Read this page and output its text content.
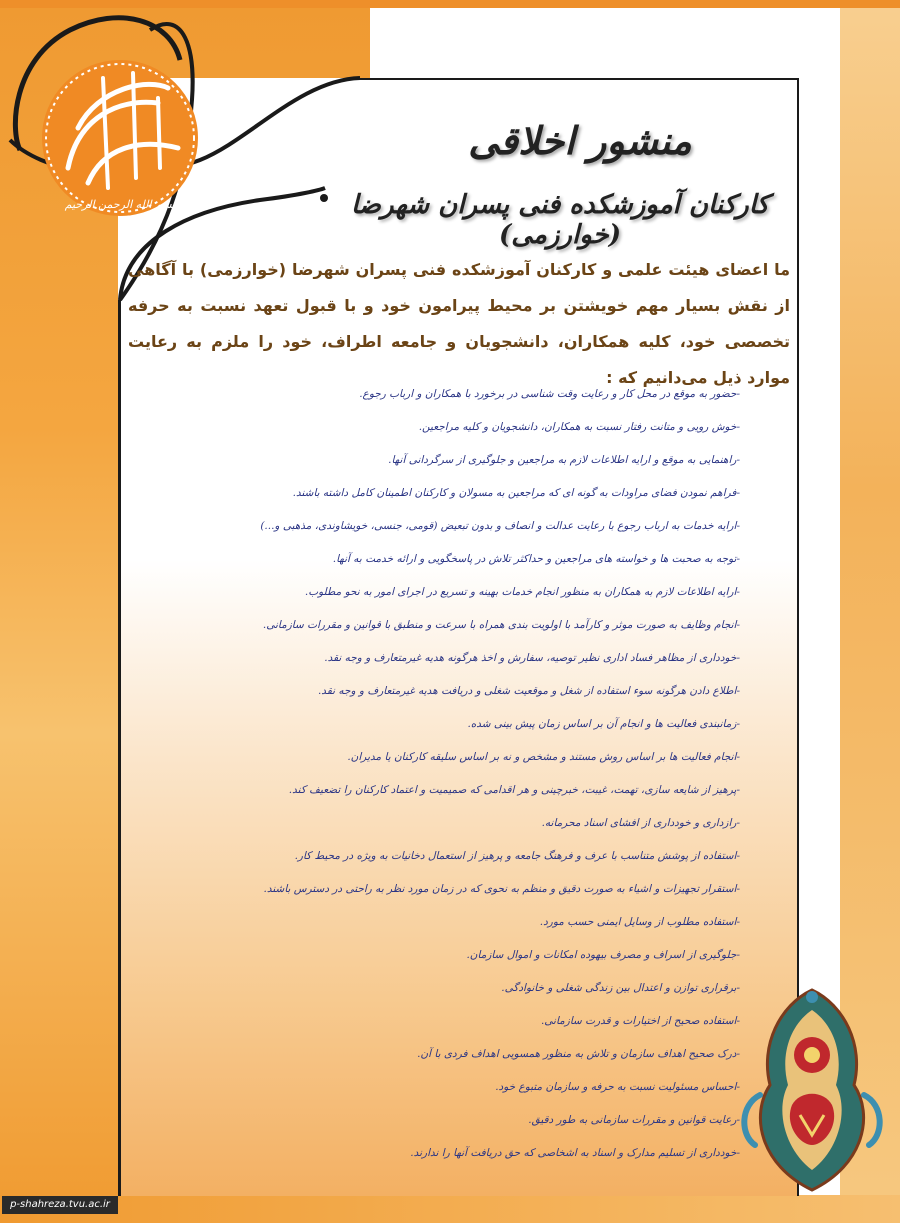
بسم الله الرحمن الرحیم
منشور اخلاقی
کارکنان آموزشکده فنی پسران شهرضا (خوارزمی)
ما اعضای هیئت علمی و کارکنان آموزشکده فنی پسران شهرضا (خوارزمی) با آگاهی از نقش بسیار مهم خویشتن بر محیط پیرامون خود و با قبول تعهد نسبت به حرفه تخصصی خود، کلیه همکاران، دانشجویان و جامعه اطراف، خود را ملزم به رعایت موارد ذیل می‌دانیم که :
-حضور به موقع در محل کار و رعایت وقت شناسی در برخورد با همکاران و ارباب رجوع.
-خوش رویی و متانت رفتار نسبت به همکاران، دانشجویان و کلیه مراجعین.
-راهنمایی به موقع و ارایه اطلاعات لازم به مراجعین و جلوگیری از سرگردانی آنها.
-فراهم نمودن فضای مراودات به گونه ای که مراجعین به مسولان و کارکنان اطمینان کامل داشته باشند.
-ارایه خدمات به ارباب رجوع با رعایت عدالت و انصاف و بدون تبعیض (قومی، جنسی، خویشاوندی، مذهبی و...)
-توجه به صحبت ها و خواسته های مراجعین و حداکثر تلاش در پاسخگویی و ارائه خدمت به آنها.
-ارایه اطلاعات لازم به همکاران به منظور انجام خدمات بهینه و تسریع در اجرای امور به نحو مطلوب.
-انجام وظایف به صورت موثر و کارآمد با اولویت بندی همراه با سرعت و منطبق با قوانین و مقررات سازمانی.
-خودداری از مظاهر فساد اداری نظیر توصیه، سفارش و اخذ هرگونه هدیه غیرمتعارف و وجه نقد.
-اطلاع دادن هرگونه سوء استفاده از شغل و موقعیت شغلی و دریافت هدیه غیرمتعارف و وجه نقد.
-زمانبندی فعالیت ها و انجام آن بر اساس زمان پیش بینی شده.
-انجام فعالیت ها بر اساس روش مستند و مشخص و نه بر اساس سلیقه کارکنان یا مدیران.
-پرهیز از شایعه سازی، تهمت، غیبت، خبرچینی و هر اقدامی که صمیمیت و اعتماد کارکنان را تضعیف کند.
-رازداری و خودداری از افشای اسناد محرمانه.
-استفاده از پوشش متناسب با عرف و فرهنگ جامعه و پرهیز از استعمال دخانیات به ویژه در محیط کار.
-استقرار تجهیزات و اشیاء به صورت دقیق و منظم به نحوی که در زمان مورد نظر به راحتی در دسترس باشند.
-استفاده مطلوب از وسایل ایمنی حسب مورد.
-جلوگیری از اسراف و مصرف بیهوده امکانات و اموال سازمان.
-برقراری توازن و اعتدال بین زندگی شغلی و خانوادگی.
-استفاده صحیح از اختیارات و قدرت سازمانی.
-درک صحیح اهداف سازمان و تلاش به منظور همسویی اهداف فردی با آن.
-احساس مسئولیت نسبت به حرفه و سازمان متبوع خود.
-رعایت قوانین و مقررات سازمانی به طور دقیق.
-خودداری از تسلیم مدارک و اسناد به اشخاصی که حق دریافت آنها را ندارند.
p-shahreza.tvu.ac.ir
